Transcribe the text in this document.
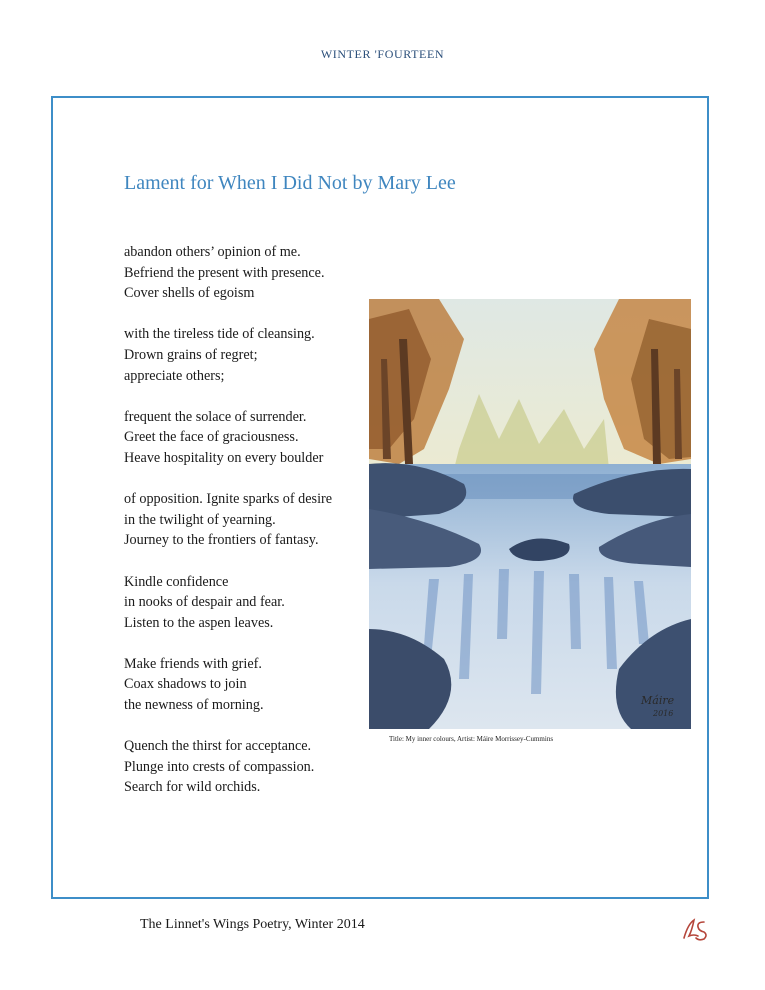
WINTER 'FOURTEEN
Lament for When I Did Not by Mary Lee
abandon others’ opinion of me.
Befriend the present with presence.
Cover shells of egoism
with the tireless tide of cleansing.
Drown grains of regret;
appreciate others;
frequent the solace of surrender.
Greet the face of graciousness.
Heave hospitality on every boulder
of opposition. Ignite sparks of desire
in the twilight of yearning.
Journey to the frontiers of fantasy.
Kindle confidence
in nooks of despair and fear.
Listen to the aspen leaves.
Make friends with grief.
Coax shadows to join
the newness of morning.
Quench the thirst for acceptance.
Plunge into crests of compassion.
Search for wild orchids.
Máire
2016
Title: My inner colours, Artist: Máire Morrissey-Cummins
The Linnet's Wings Poetry, Winter 2014
